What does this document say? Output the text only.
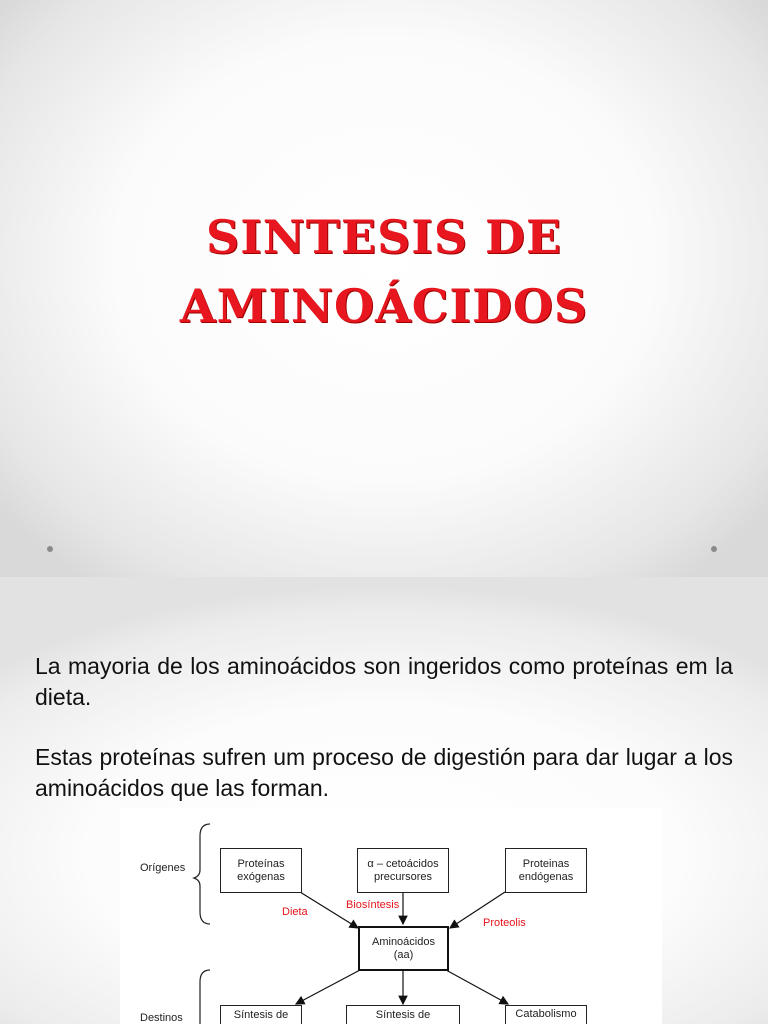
SINTESIS DE
AMINOÁCIDOS
La mayoria de los aminoácidos son ingeridos como proteínas em la dieta.
Estas proteínas sufren um proceso de digestión para dar lugar a los aminoácidos que las forman.
Orígenes
Destinos
Proteínas
exógenas
α – cetoácidos
precursores
Proteinas
endógenas
Dieta
Biosíntesis
Proteolis
Aminoácidos
(aa)
Síntesis de	Síntesis de	Catabolismo
